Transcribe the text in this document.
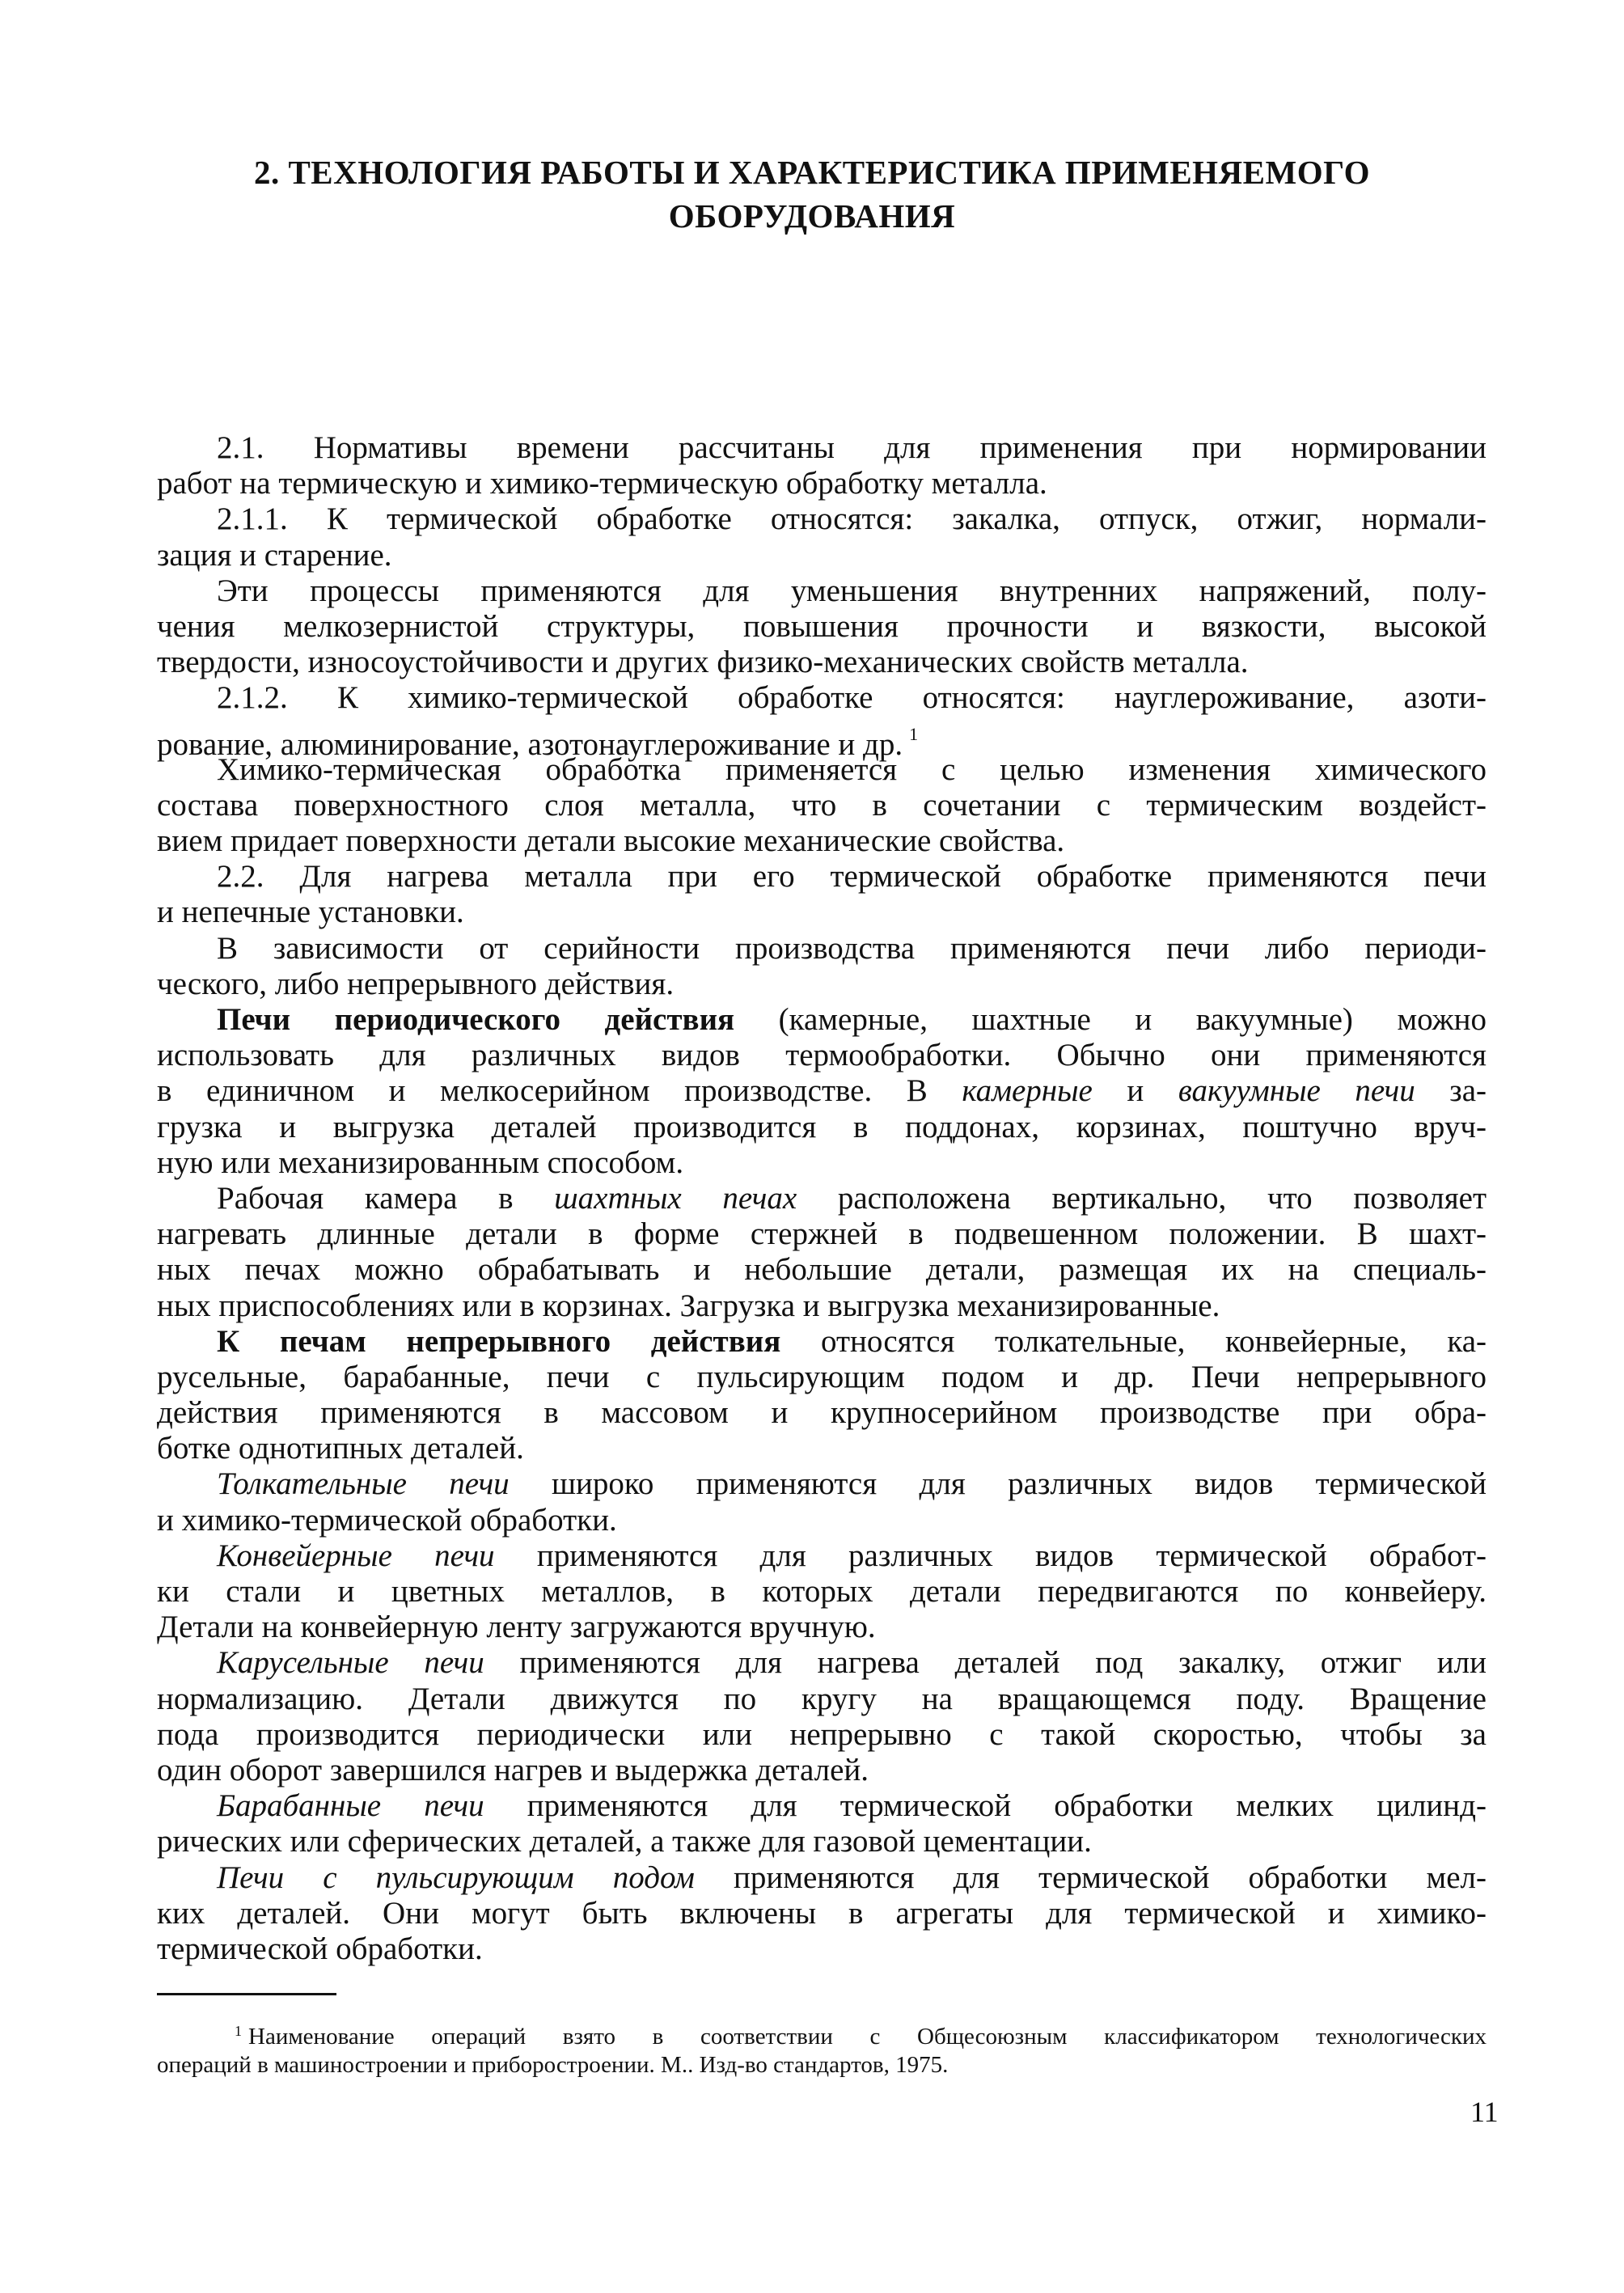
2. ТЕХНОЛОГИЯ РАБОТЫ И ХАРАКТЕРИСТИКА ПРИМЕНЯЕМОГО
ОБОРУДОВАНИЯ
2.1. Нормативы времени рассчитаны для применения при нормировании
работ на термическую и химико-термическую обработку металла.
2.1.1. К термической обработке относятся: закалка, отпуск, отжиг, нормали-
зация и старение.
Эти процессы применяются для уменьшения внутренних напряжений, полу-
чения мелкозернистой структуры, повышения прочности и вязкости, высокой
твердости, износоустойчивости и других физико-механических свойств металла.
2.1.2. К химико-термической обработке относятся: науглероживание, азоти-
рование, алюминирование, азотонауглероживание и др. $^1$
Химико-термическая обработка применяется с целью изменения химического
состава поверхностного слоя металла, что в сочетании с термическим воздейст-
вием придает поверхности детали высокие механические свойства.
2.2. Для нагрева металла при его термической обработке применяются печи
и непечные установки.
В зависимости от серийности производства применяются печи либо периоди-
ческого, либо непрерывного действия.
Печи периодического действия (камерные, шахтные и вакуумные) можно
использовать для различных видов термообработки. Обычно они применяются
в единичном и мелкосерийном производстве. В камерные и вакуумные печи за-
грузка и выгрузка деталей производится в поддонах, корзинах, поштучно вруч-
ную или механизированным способом.
Рабочая камера в шахтных печах расположена вертикально, что позволяет
нагревать длинные детали в форме стержней в подвешенном положении. В шахт-
ных печах можно обрабатывать и небольшие детали, размещая их на специаль-
ных приспособлениях или в корзинах. Загрузка и выгрузка механизированные.
К печам непрерывного действия относятся толкательные, конвейерные, ка-
русельные, барабанные, печи с пульсирующим подом и др. Печи непрерывного
действия применяются в массовом и крупносерийном производстве при обра-
ботке однотипных деталей.
Толкательные печи широко применяются для различных видов термической
и химико-термической обработки.
Конвейерные печи применяются для различных видов термической обработ-
ки стали и цветных металлов, в которых детали передвигаются по конвейеру.
Детали на конвейерную ленту загружаются вручную.
Карусельные печи применяются для нагрева деталей под закалку, отжиг или
нормализацию. Детали движутся по кругу на вращающемся поду. Вращение
пода производится периодически или непрерывно с такой скоростью, чтобы за
один оборот завершился нагрев и выдержка деталей.
Барабанные печи применяются для термической обработки мелких цилинд-
рических или сферических деталей, а также для газовой цементации.
Печи с пульсирующим подом применяются для термической обработки мел-
ких деталей. Они могут быть включены в агрегаты для термической и химико-
термической обработки.
$^1$ Наименование операций взято в соответствии с Общесоюзным классификатором технологических
операций в машиностроении и приборостроении. М.. Изд-во стандартов, 1975.
11
